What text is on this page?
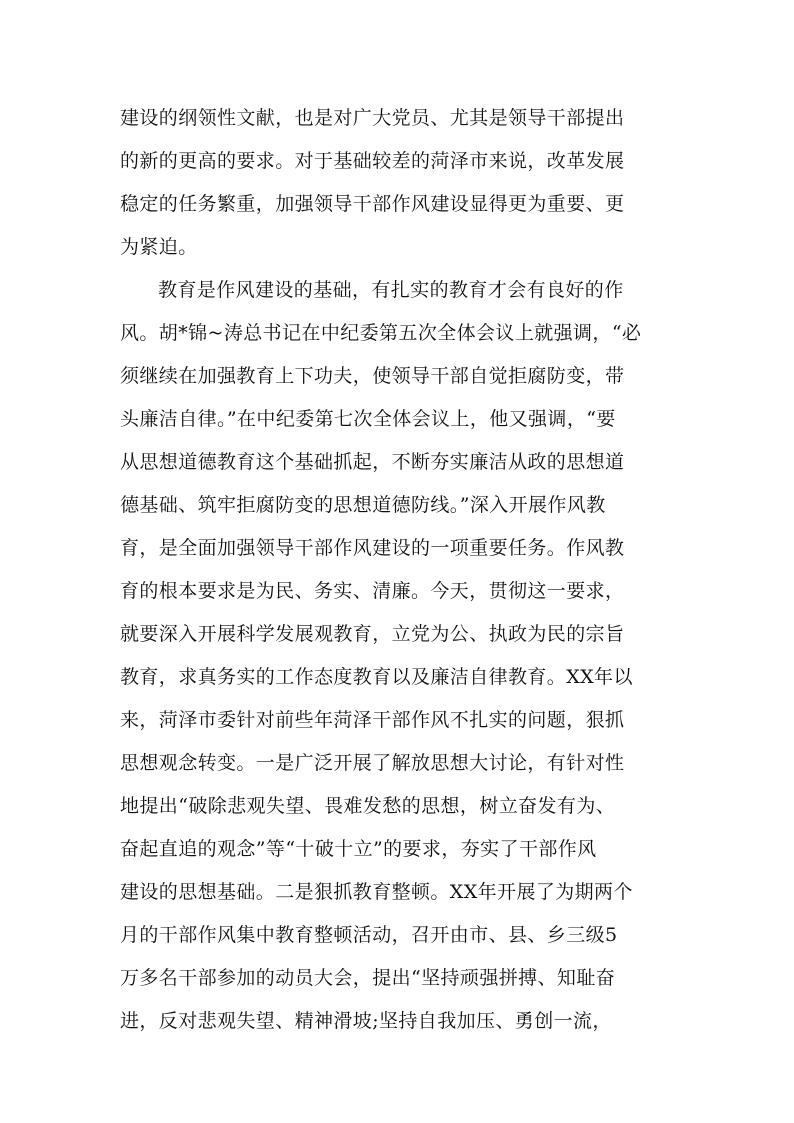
建设的纲领性文献，也是对广大党员、尤其是领导干部提出
的新的更高的要求。对于基础较差的菏泽市来说，改革发展
稳定的任务繁重，加强领导干部作风建设显得更为重要、更
为紧迫。
教育是作风建设的基础，有扎实的教育才会有良好的作
风。胡*锦~涛总书记在中纪委第五次全体会议上就强调，“必
须继续在加强教育上下功夫，使领导干部自觉拒腐防变，带
头廉洁自律。”在中纪委第七次全体会议上，他又强调，“要
从思想道德教育这个基础抓起，不断夯实廉洁从政的思想道
德基础、筑牢拒腐防变的思想道德防线。”深入开展作风教
育，是全面加强领导干部作风建设的一项重要任务。作风教
育的根本要求是为民、务实、清廉。今天，贯彻这一要求，
就要深入开展科学发展观教育，立党为公、执政为民的宗旨
教育，求真务实的工作态度教育以及廉洁自律教育。XX年以
来，菏泽市委针对前些年菏泽干部作风不扎实的问题，狠抓
思想观念转变。一是广泛开展了解放思想大讨论，有针对性
地提出“破除悲观失望、畏难发愁的思想，树立奋发有为、
奋起直追的观念”等“十破十立”的要求，夯实了干部作风
建设的思想基础。二是狠抓教育整顿。XX年开展了为期两个
月的干部作风集中教育整顿活动，召开由市、县、乡三级5
万多名干部参加的动员大会，提出“坚持顽强拼搏、知耻奋
进，反对悲观失望、精神滑坡;坚持自我加压、勇创一流，
